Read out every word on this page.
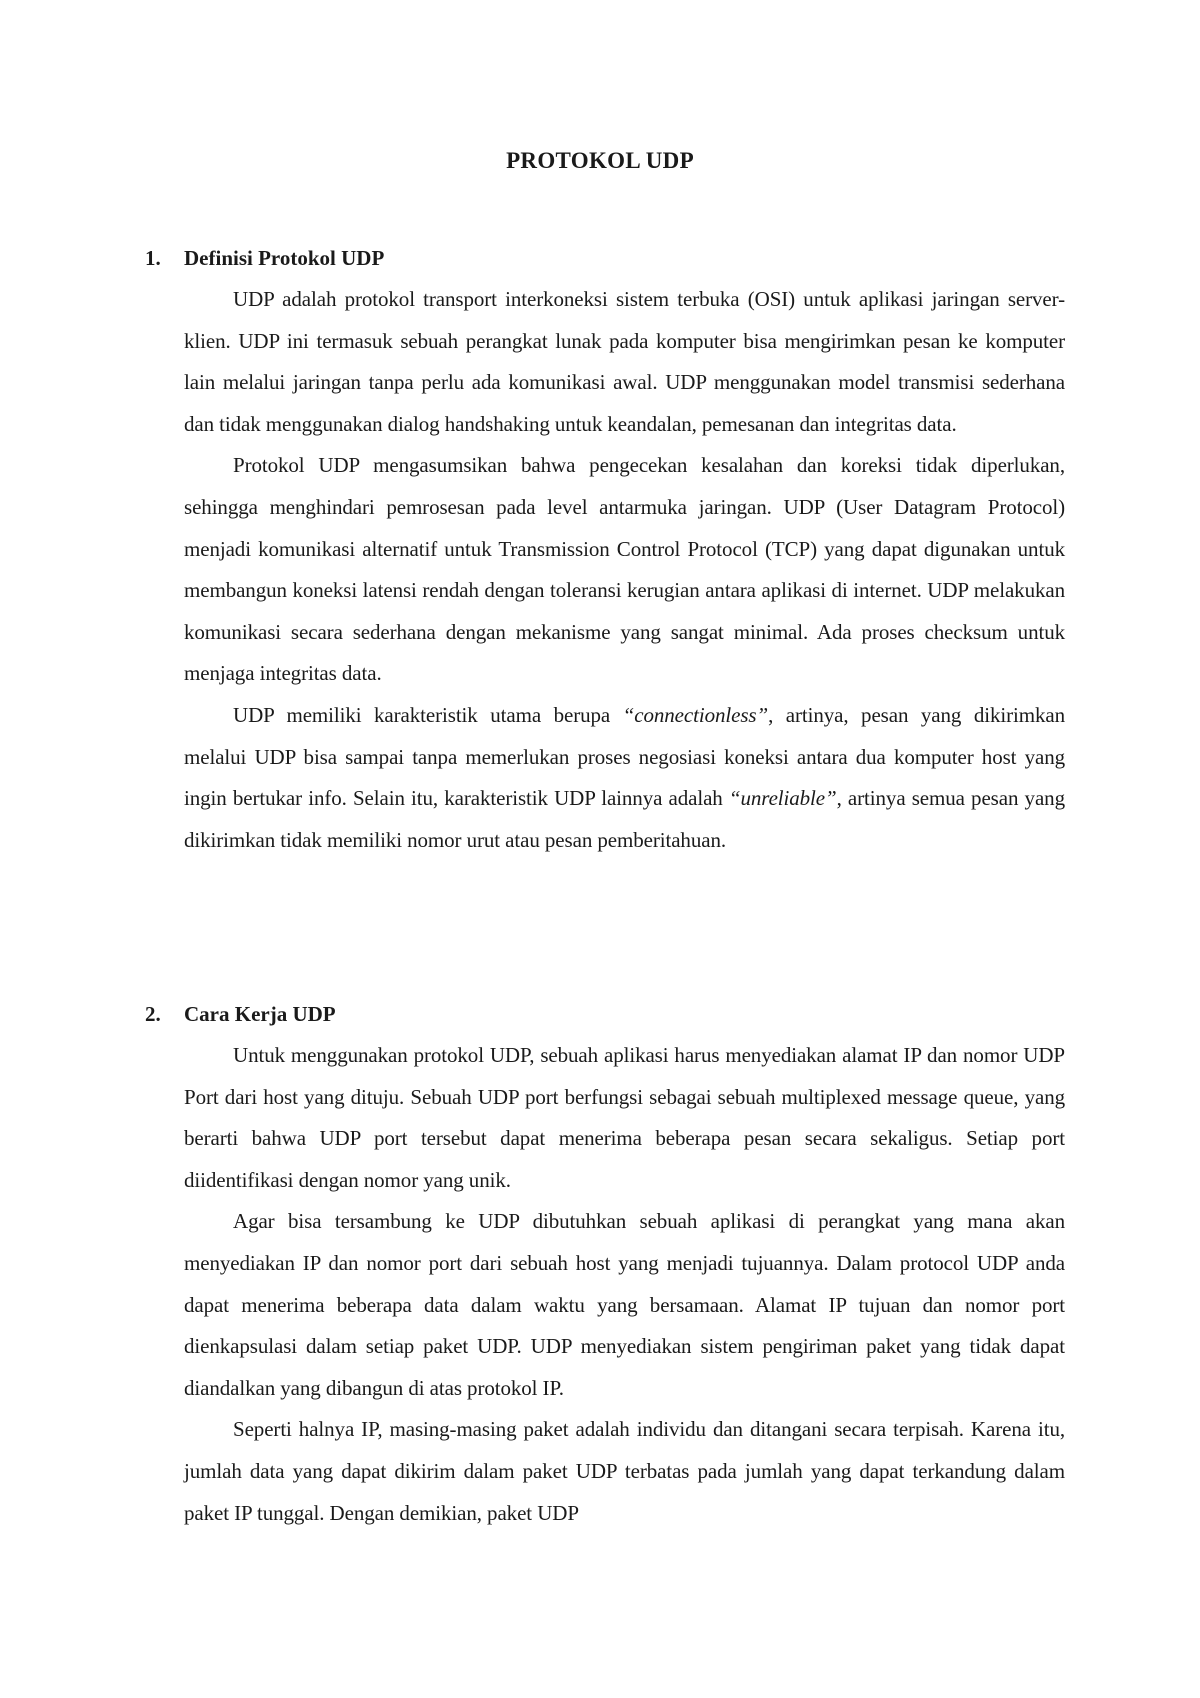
PROTOKOL UDP
1. Definisi Protokol UDP

UDP adalah protokol transport interkoneksi sistem terbuka (OSI) untuk aplikasi jaringan server-klien. UDP ini termasuk sebuah perangkat lunak pada komputer bisa mengirimkan pesan ke komputer lain melalui jaringan tanpa perlu ada komunikasi awal. UDP menggunakan model transmisi sederhana dan tidak menggunakan dialog handshaking untuk keandalan, pemesanan dan integritas data.

Protokol UDP mengasumsikan bahwa pengecekan kesalahan dan koreksi tidak diperlukan, sehingga menghindari pemrosesan pada level antarmuka jaringan. UDP (User Datagram Protocol) menjadi komunikasi alternatif untuk Transmission Control Protocol (TCP) yang dapat digunakan untuk membangun koneksi latensi rendah dengan toleransi kerugian antara aplikasi di internet. UDP melakukan komunikasi secara sederhana dengan mekanisme yang sangat minimal. Ada proses checksum untuk menjaga integritas data.

UDP memiliki karakteristik utama berupa “connectionless”, artinya, pesan yang dikirimkan melalui UDP bisa sampai tanpa memerlukan proses negosiasi koneksi antara dua komputer host yang ingin bertukar info. Selain itu, karakteristik UDP lainnya adalah “unreliable”, artinya semua pesan yang dikirimkan tidak memiliki nomor urut atau pesan pemberitahuan.

2. Cara Kerja UDP

Untuk menggunakan protokol UDP, sebuah aplikasi harus menyediakan alamat IP dan nomor UDP Port dari host yang dituju. Sebuah UDP port berfungsi sebagai sebuah multiplexed message queue, yang berarti bahwa UDP port tersebut dapat menerima beberapa pesan secara sekaligus. Setiap port diidentifikasi dengan nomor yang unik.

Agar bisa tersambung ke UDP dibutuhkan sebuah aplikasi di perangkat yang mana akan menyediakan IP dan nomor port dari sebuah host yang menjadi tujuannya. Dalam protocol UDP anda dapat menerima beberapa data dalam waktu yang bersamaan. Alamat IP tujuan dan nomor port dienkapsulasi dalam setiap paket UDP. UDP menyediakan sistem pengiriman paket yang tidak dapat diandalkan yang dibangun di atas protokol IP.

Seperti halnya IP, masing-masing paket adalah individu dan ditangani secara terpisah. Karena itu, jumlah data yang dapat dikirim dalam paket UDP terbatas pada jumlah yang dapat terkandung dalam paket IP tunggal. Dengan demikian, paket UDP
